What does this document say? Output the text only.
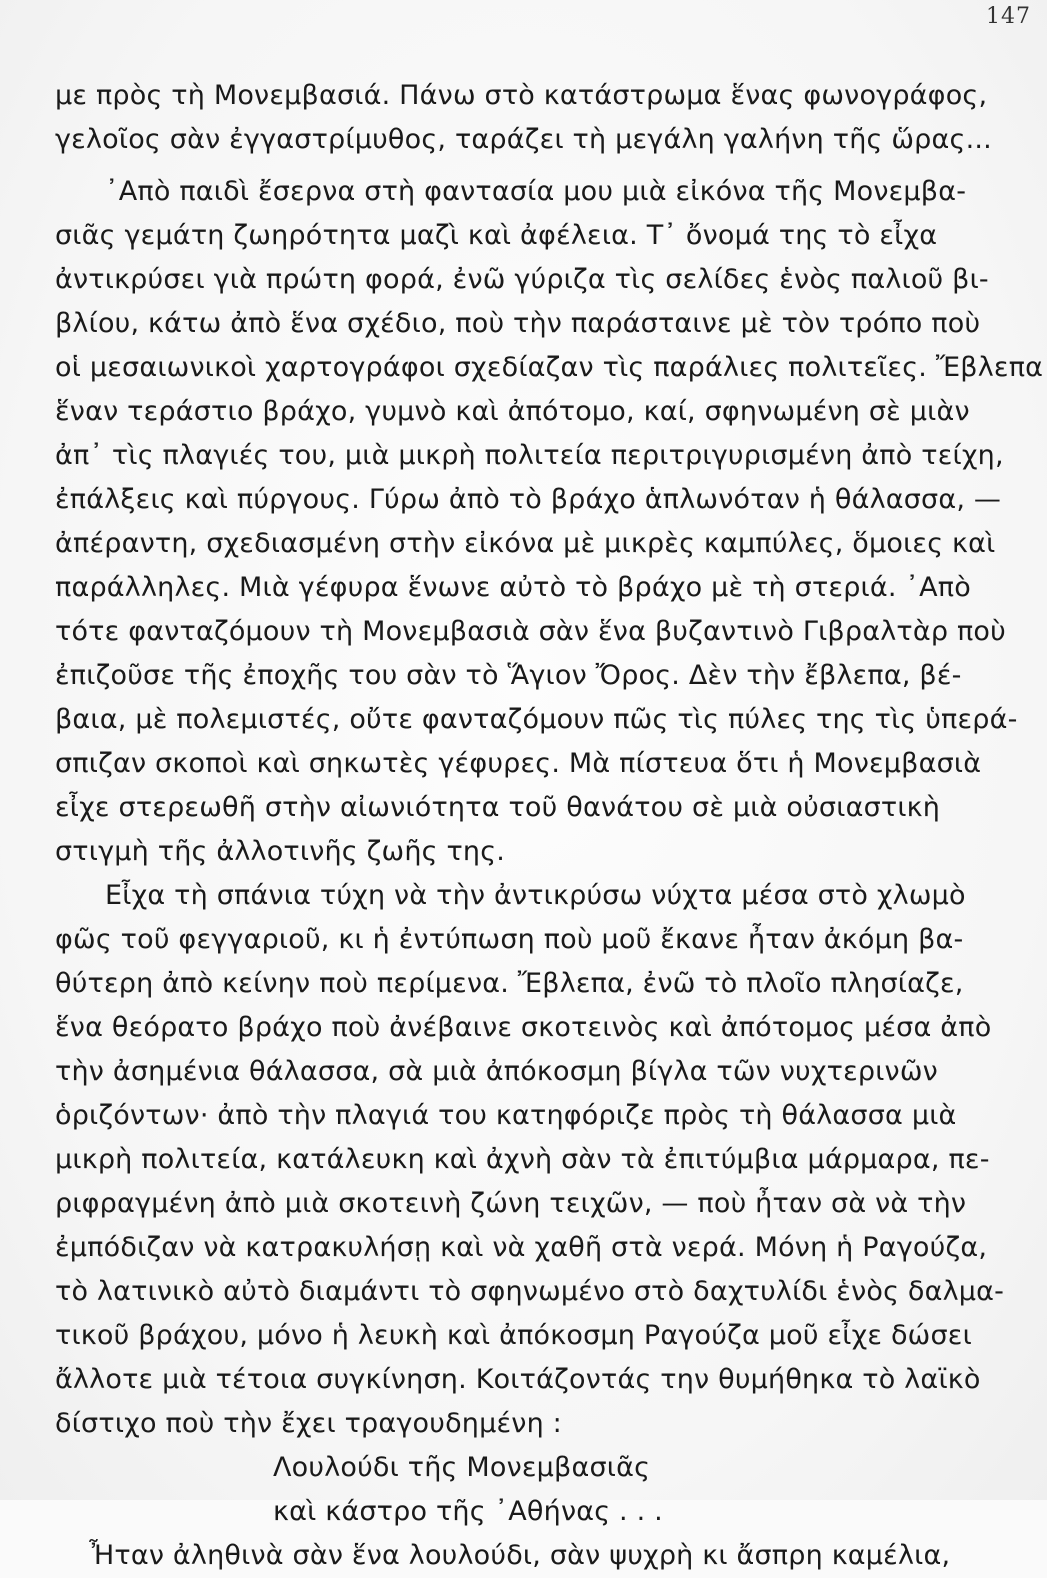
147
με πρὸς τὴ Μονεμβασιά. Πάνω στὸ κατάστρωμα ἕνας φωνογράφος,
γελοῖος σὰν ἐγγαστρίμυθος, ταράζει τὴ μεγάλη γαλήνη τῆς ὥρας...
᾿Απὸ παιδὶ ἔσερνα στὴ φαντασία μου μιὰ εἰκόνα τῆς Μονεμβα-
σιᾶς γεμάτη ζωηρότητα μαζὶ καὶ ἀφέλεια. Τ᾿ ὄνομά της τὸ εἶχα
ἀντικρύσει γιὰ πρώτη φορά, ἐνῶ γύριζα τὶς σελίδες ἑνὸς παλιοῦ βι-
βλίου, κάτω ἀπὸ ἕνα σχέδιο, ποὺ τὴν παράσταινε μὲ τὸν τρόπο ποὺ
οἱ μεσαιωνικοὶ χαρτογράφοι σχεδίαζαν τὶς παράλιες πολιτεῖες. Ἔβλεπα
ἕναν τεράστιο βράχο, γυμνὸ καὶ ἀπότομο, καί, σφηνωμένη σὲ μιὰν
ἀπ᾿ τὶς πλαγιές του, μιὰ μικρὴ πολιτεία περιτριγυρισμένη ἀπὸ τείχη,
ἐπάλξεις καὶ πύργους. Γύρω ἀπὸ τὸ βράχο ἁπλωνόταν ἡ θάλασσα, —
ἀπέραντη, σχεδιασμένη στὴν εἰκόνα μὲ μικρὲς καμπύλες, ὅμοιες καὶ
παράλληλες. Μιὰ γέφυρα ἕνωνε αὐτὸ τὸ βράχο μὲ τὴ στεριά. ᾿Απὸ
τότε φανταζόμουν τὴ Μονεμβασιὰ σὰν ἕνα βυζαντινὸ Γιβραλτὰρ ποὺ
ἐπιζοῦσε τῆς ἐποχῆς του σὰν τὸ Ἅγιον Ὄρος. Δὲν τὴν ἔβλεπα, βέ-
βαια, μὲ πολεμιστές, οὔτε φανταζόμουν πῶς τὶς πύλες της τὶς ὑπερά-
σπιζαν σκοποὶ καὶ σηκωτὲς γέφυρες. Μὰ πίστευα ὅτι ἡ Μονεμβασιὰ
εἶχε στερεωθῆ στὴν αἰωνιότητα τοῦ θανάτου σὲ μιὰ οὐσιαστικὴ
στιγμὴ τῆς ἀλλοτινῆς ζωῆς της.
Εἶχα τὴ σπάνια τύχη νὰ τὴν ἀντικρύσω νύχτα μέσα στὸ χλωμὸ
φῶς τοῦ φεγγαριοῦ, κι ἡ ἐντύπωση ποὺ μοῦ ἔκανε ἦταν ἀκόμη βα-
θύτερη ἀπὸ κείνην ποὺ περίμενα. Ἔβλεπα, ἐνῶ τὸ πλοῖο πλησίαζε,
ἕνα θεόρατο βράχο ποὺ ἀνέβαινε σκοτεινὸς καὶ ἀπότομος μέσα ἀπὸ
τὴν ἀσημένια θάλασσα, σὰ μιὰ ἀπόκοσμη βίγλα τῶν νυχτερινῶν
ὁριζόντων· ἀπὸ τὴν πλαγιά του κατηφόριζε πρὸς τὴ θάλασσα μιὰ
μικρὴ πολιτεία, κατάλευκη καὶ ἀχνὴ σὰν τὰ ἐπιτύμβια μάρμαρα, πε-
ριφραγμένη ἀπὸ μιὰ σκοτεινὴ ζώνη τειχῶν, — ποὺ ἦταν σὰ νὰ τὴν
ἐμπόδιζαν νὰ κατρακυλήσῃ καὶ νὰ χαθῆ στὰ νερά. Μόνη ἡ Ραγούζα,
τὸ λατινικὸ αὐτὸ διαμάντι τὸ σφηνωμένο στὸ δαχτυλίδι ἑνὸς δαλμα-
τικοῦ βράχου, μόνο ἡ λευκὴ καὶ ἀπόκοσμη Ραγούζα μοῦ εἶχε δώσει
ἄλλοτε μιὰ τέτοια συγκίνηση. Κοιτάζοντάς την θυμήθηκα τὸ λαϊκὸ
δίστιχο ποὺ τὴν ἔχει τραγουδημένη :
Λουλούδι τῆς Μονεμβασιᾶς
καὶ κάστρο τῆς ᾿Αθήνας . . .
Ἦταν ἀληθινὰ σὰν ἕνα λουλούδι, σὰν ψυχρὴ κι ἄσπρη καμέλια,
